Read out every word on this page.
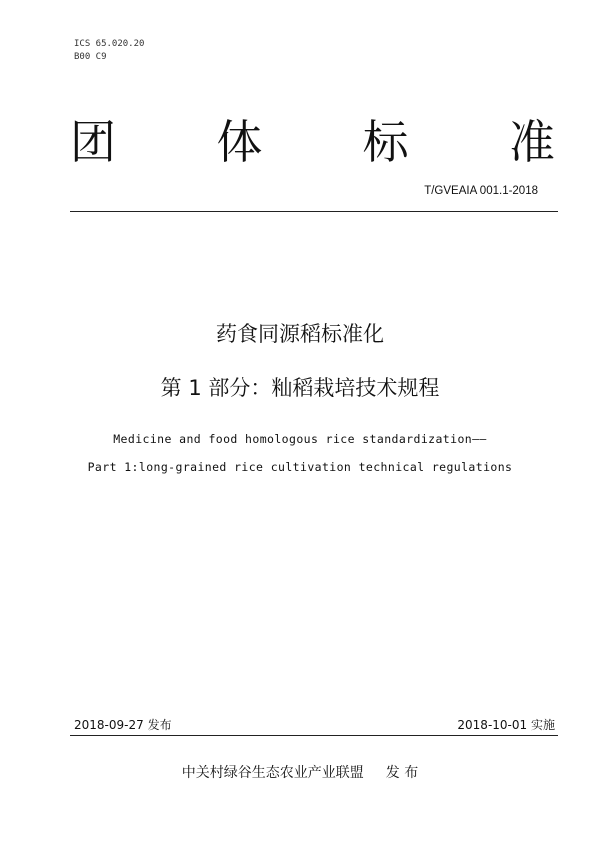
ICS 65.020.20
B00 C9
团 体 标 准
T/GVEAIA 001.1-2018
药食同源稻标准化
第 1 部分：籼稻栽培技术规程
Medicine and food homologous rice standardization——
Part 1:long-grained rice cultivation technical regulations
2018-09-27 发布	2018-10-01 实施
中关村绿谷生态农业产业联盟 发 布
